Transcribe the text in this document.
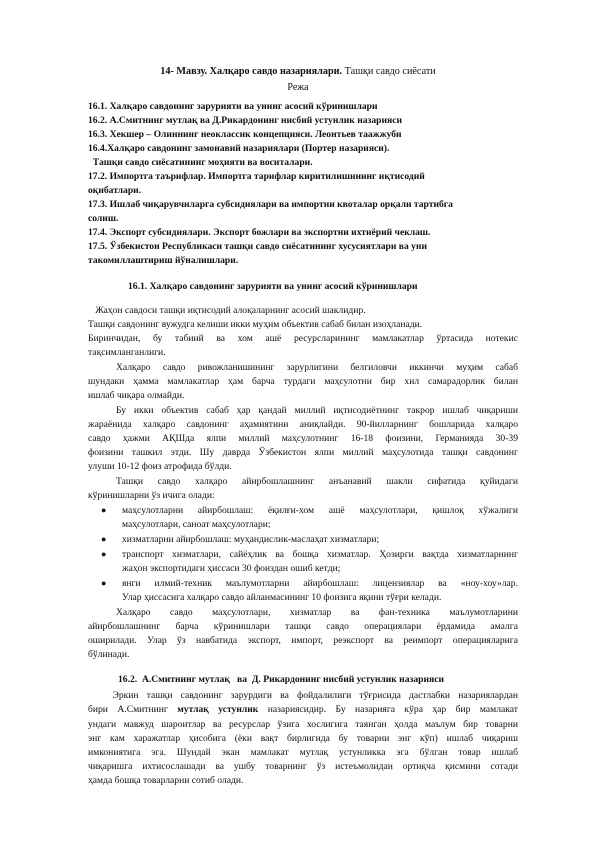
14- Мавзу. Халқаро савдо назариялари. Ташқи савдо сиёсати
Режа
16.1. Халқаро савдонинг зарурияти ва унинг асосий кўринишлари
16.2. А.Смитнинг мутлақ ва Д.Рикардонинг нисбий устунлик назарияси
16.3. Хекшер – Олиннинг неоклассик концепцияси. Леонтьев таажжуби
16.4.Халқаро савдонинг замонавий назариялари (Портер назарияси).
Ташқи савдо сиёсатининг моҳияти ва воситалари.
17.2. Импортга таърифлар. Импортга тарифлар киритилишининг иқтисодий
оқибатлари.
17.3. Ишлаб чиқарувчиларга субсидиялари ва импортни квоталар орқали тартибга
солиш.
17.4. Экспорт субсидиялари. Экспорт божлари ва экспортни ихтиёрий чеклаш.
17.5. Ўзбекистон Республикаси ташқи савдо сиёсатининг хусусиятлари ва уни
такомиллаштириш йўналишлари.
16.1. Халқаро савдонинг зарурияти ва унинг асосий кўринишлари
Жаҳон савдоси ташқи иқтисодий алоқаларнинг асосий шаклидир.
Ташқи савдонинг вужудга келиши икки муҳим объектив сабаб билан изоҳланади.
Биринчидан, бу табиий ва хом ашё ресурсларининг мамлакатлар ўртасида нотекис
тақсимланганлиги.
Халқаро савдо ривожланишининг зарурлигини белгиловчи иккинчи муҳим сабаб
шундаки ҳамма мамлакатлар ҳам барча турдаги маҳсулотни бир хил самарадорлик билан
ишлаб чиқара олмайди.
Бу икки объектив сабаб ҳар қандай миллий иқтисодиётнинг такрор ишлаб чиқариши
жараёнида халқаро савдонинг аҳамиятини аниқлайди. 90-йилларнинг бошларида халқаро
савдо ҳажми АҚШда ялпи миллий маҳсулотнинг 16-18 фоизини, Германияда 30-39
фоизини ташкил этди. Шу даврда Ўзбекистон ялпи миллий маҳсулотида ташқи савдонинг
улуши 10-12 фоиз атрофида бўлди.
Ташқи савдо халқаро айирбошлашнинг анъанавий шакли сифатида қуйидаги
кўринишларни ўз ичига олади:
● маҳсулотларни айирбошлаш: ёқилғи-хом ашё маҳсулотлари, қишлоқ хўжалиги
маҳсулотлари, саноат маҳсулотлари;
● хизматларни айирбошлаш: муҳандислик-маслаҳат хизматлари;
● транспорт хизматлари, сайёҳлик ва бошқа хизматлар. Ҳозирги вақтда хизматларнинг
жаҳон экспортидаги ҳиссаси 30 фоиздан ошиб кетди;
● янги илмий-техник маълумотларни айирбошлаш: лицензиялар ва «ноу-хоу»лар.
Улар ҳиссасига халқаро савдо айланмасининг 10 фоизига яқини тўғри келади.
Халқаро савдо маҳсулотлари, хизматлар ва фан-техника маълумотларини
айирбошлашнинг барча кўринишлари ташқи савдо операциялари ёрдамида амалга
оширилади. Улар ўз навбатида экспорт, импорт, реэкспорт ва реимпорт операцияларига
бўлинади.
16.2.  А.Смитнинг мутлақ   ва  Д. Рикардонинг нисбий устунлик назарияси
Эркин ташқи савдонинг зарурдиги ва фойдалилиги тўғрисида дастлабки назариялардан
бири А.Смитнинг мутлақ устунлик назариясидир. Бу назарияга кўра ҳар бир мамлакат
ундаги мавжуд шароитлар ва ресурслар ўзига хослигига таянган ҳолда маълум бир товарни
энг кам харажатлар ҳисобига (ёки вақт бирлигида бу товарни энг кўп) ишлаб чиқариш
имкониятига эга. Шундай экан мамлакат мутлақ устунликка эга бўлган товар ишлаб
чиқаришга ихтисослашади ва ушбу товарнинг ўз истеъмолидан ортиқча қисмини сотади
ҳамда бошқа товарларни сотиб олади.
